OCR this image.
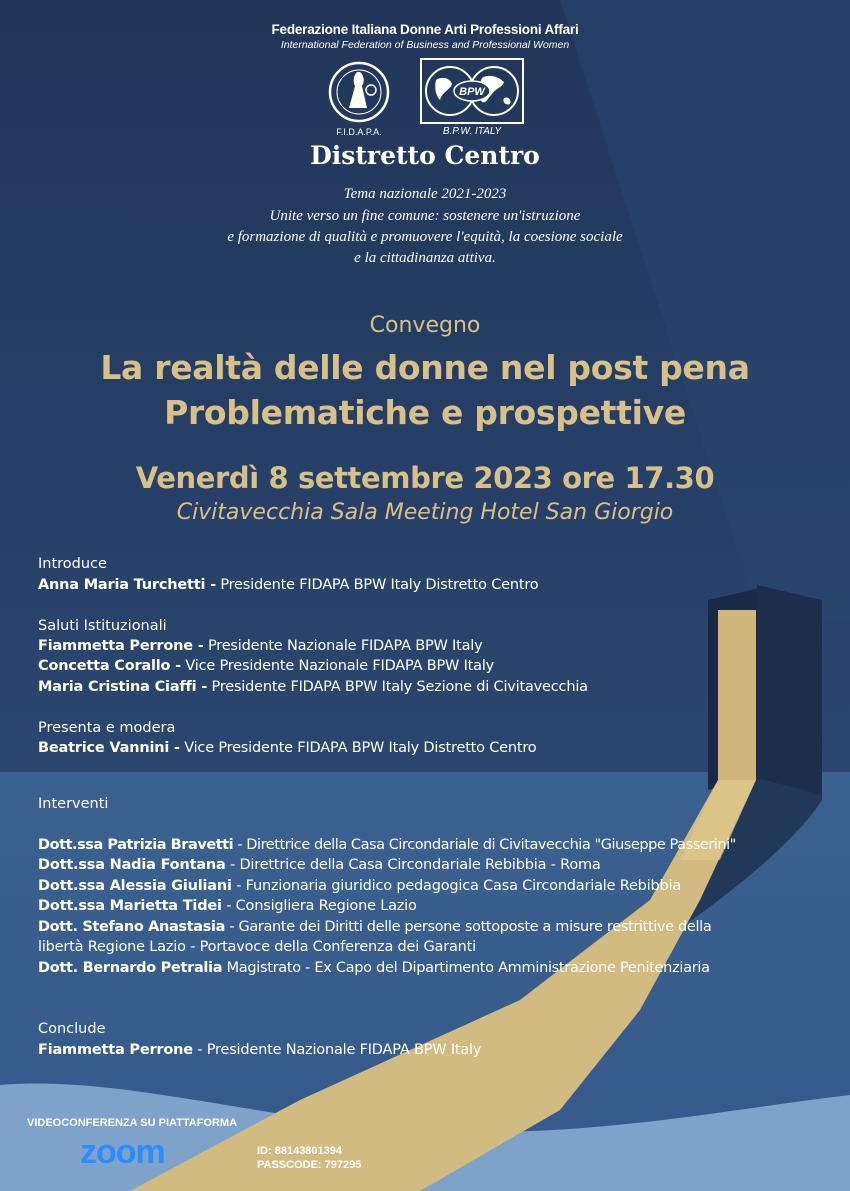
Federazione Italiana Donne Arti Professioni Affari
International Federation of Business and Professional Women
F.I.D.A.P.A.
BPW
B.P.W. ITALY
Distretto Centro
Tema nazionale 2021-2023
Unite verso un fine comune: sostenere un'istruzione
e formazione di qualità e promuovere l'equità, la coesione sociale
e la cittadinanza attiva.
Convegno
La realtà delle donne nel post pena
Problematiche e prospettive
Venerdì 8 settembre 2023 ore 17.30
Civitavecchia Sala Meeting Hotel San Giorgio
Introduce
Anna Maria Turchetti - Presidente FIDAPA BPW Italy Distretto Centro
Saluti Istituzionali
Fiammetta Perrone - Presidente Nazionale FIDAPA BPW Italy
Concetta Corallo - Vice Presidente Nazionale FIDAPA BPW Italy
Maria Cristina Ciaffi - Presidente FIDAPA BPW Italy Sezione di Civitavecchia
Presenta e modera
Beatrice Vannini - Vice Presidente FIDAPA BPW Italy Distretto Centro
Interventi
Dott.ssa Patrizia Bravetti - Direttrice della Casa Circondariale di Civitavecchia "Giuseppe Passerini"
Dott.ssa Nadia Fontana - Direttrice della Casa Circondariale Rebibbia - Roma
Dott.ssa Alessia Giuliani - Funzionaria giuridico pedagogica Casa Circondariale Rebibbia
Dott.ssa Marietta Tidei - Consigliera Regione Lazio
Dott. Stefano Anastasia - Garante dei Diritti delle persone sottoposte a misure restrittive della
libertà Regione Lazio - Portavoce della Conferenza dei Garanti
Dott. Bernardo Petralia Magistrato - Ex Capo del Dipartimento Amministrazione Penitenziaria
Conclude
Fiammetta Perrone - Presidente Nazionale FIDAPA BPW Italy
VIDEOCONFERENZA SU PIATTAFORMA
zoom	ID: 88143801394
PASSCODE: 797295
